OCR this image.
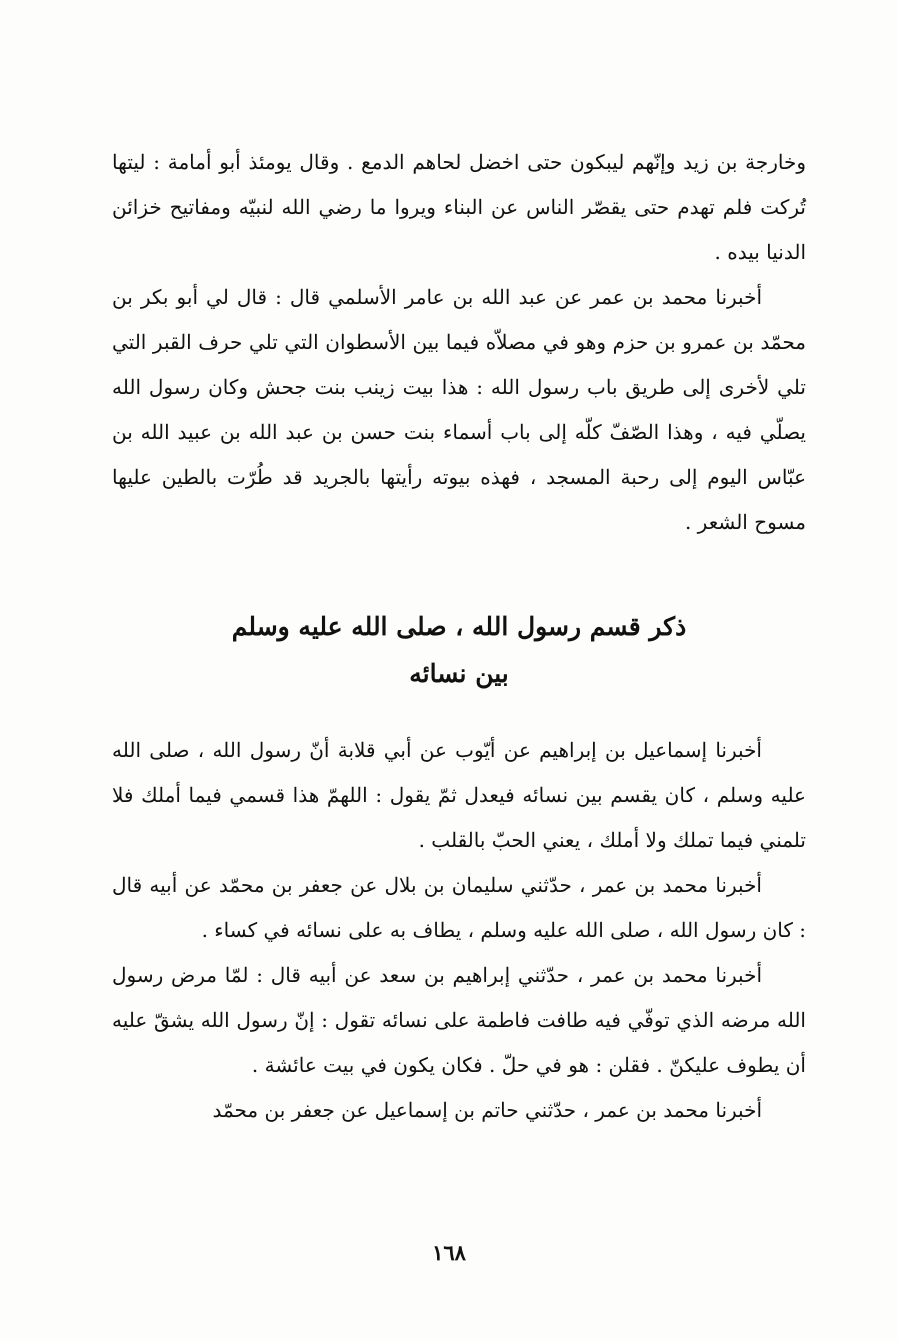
وخارجة بن زيد وإنّهم ليبكون حتى اخضل لحاهم الدمع . وقال يومئذ أبو أمامة : ليتها تُركت فلم تهدم حتى يقصّر الناس عن البناء ويروا ما رضي الله لنبيّه ومفاتيح خزائن الدنيا بيده .

أخبرنا محمد بن عمر عن عبد الله بن عامر الأسلمي قال : قال لي أبو بكر بن محمّد بن عمرو بن حزم وهو في مصلاّه فيما بين الأسطوان التي تلي حرف القبر التي تلي لأخرى إلى طريق باب رسول الله : هذا بيت زينب بنت جحش وكان رسول الله يصلّي فيه ، وهذا الصّفّ كلّه إلى باب أسماء بنت حسن بن عبد الله بن عبيد الله بن عبّاس اليوم إلى رحبة المسجد ، فهذه بيوته رأيتها بالجريد قد طُرّت بالطين عليها مسوح الشعر .

ذكر قسم رسول الله ، صلى الله عليه وسلم
بين نسائه

أخبرنا إسماعيل بن إبراهيم عن أيّوب عن أبي قلابة أنّ رسول الله ، صلى الله عليه وسلم ، كان يقسم بين نسائه فيعدل ثمّ يقول : اللهمّ هذا قسمي فيما أملك فلا تلمني فيما تملك ولا أملك ، يعني الحبّ بالقلب .

أخبرنا محمد بن عمر ، حدّثني سليمان بن بلال عن جعفر بن محمّد عن أبيه قال : كان رسول الله ، صلى الله عليه وسلم ، يطاف به على نسائه في كساء .

أخبرنا محمد بن عمر ، حدّثني إبراهيم بن سعد عن أبيه قال : لمّا مرض رسول الله مرضه الذي توفّي فيه طافت فاطمة على نسائه تقول : إنّ رسول الله يشقّ عليه أن يطوف عليكنّ . فقلن : هو في حلّ . فكان يكون في بيت عائشة .

أخبرنا محمد بن عمر ، حدّثني حاتم بن إسماعيل عن جعفر بن محمّد

١٦٨
